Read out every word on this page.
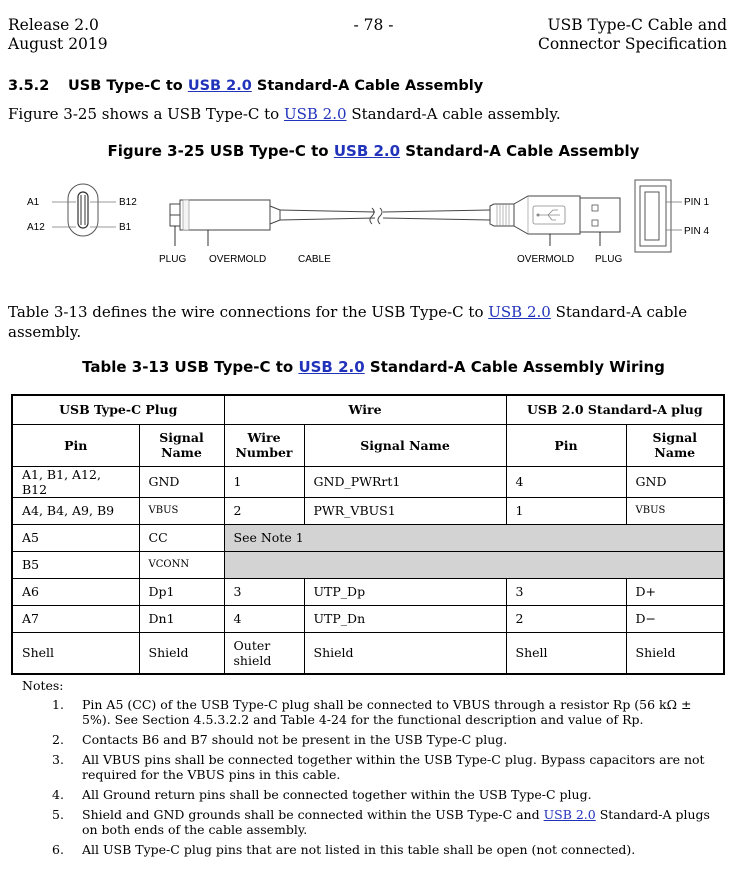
Release 2.0
August 2019
- 78 -	USB Type-C Cable and
Connector Specification
3.5.2 USB Type-C to USB 2.0 Standard-A Cable Assembly
Figure 3-25 shows a USB Type-C to USB 2.0 Standard-A cable assembly.
Figure 3-25 USB Type-C to USB 2.0 Standard-A Cable Assembly
A1
A12
B12
B1
PIN 1
PIN 4
PLUG OVERMOLD	CABLE	OVERMOLD PLUG
Table 3-13 defines the wire connections for the USB Type-C to USB 2.0 Standard-A cable assembly.
Table 3-13 USB Type-C to USB 2.0 Standard-A Cable Assembly Wiring
USB Type-C Plug		Wire		USB 2.0 Standard-A plug	
Pin	Signal Name	Wire Number	Signal Name	Pin	Signal Name
A1, B1, A12, B12	GND	1	GND_PWRrt1	4	GND
A4, B4, A9, B9	VBUS	2	PWR_VBUS1	1	VBUS
A5	CC	See Note 1			
B5	VCONN				
A6	Dp1	3	UTP_Dp	3	D+
A7	Dn1	4	UTP_Dn	2	D−
Shell	Shield	Outer shield	Shield	Shell	Shield
Notes:
1.	Pin A5 (CC) of the USB Type-C plug shall be connected to VBUS through a resistor Rp (56 kΩ ± 5%). See Section 4.5.3.2.2 and Table 4-24 for the functional description and value of Rp.
2.	Contacts B6 and B7 should not be present in the USB Type-C plug.
3.	All VBUS pins shall be connected together within the USB Type-C plug. Bypass capacitors are not required for the VBUS pins in this cable.
4.	All Ground return pins shall be connected together within the USB Type-C plug.
5.	Shield and GND grounds shall be connected within the USB Type-C and USB 2.0 Standard-A plugs on both ends of the cable assembly.
6.	All USB Type-C plug pins that are not listed in this table shall be open (not connected).
